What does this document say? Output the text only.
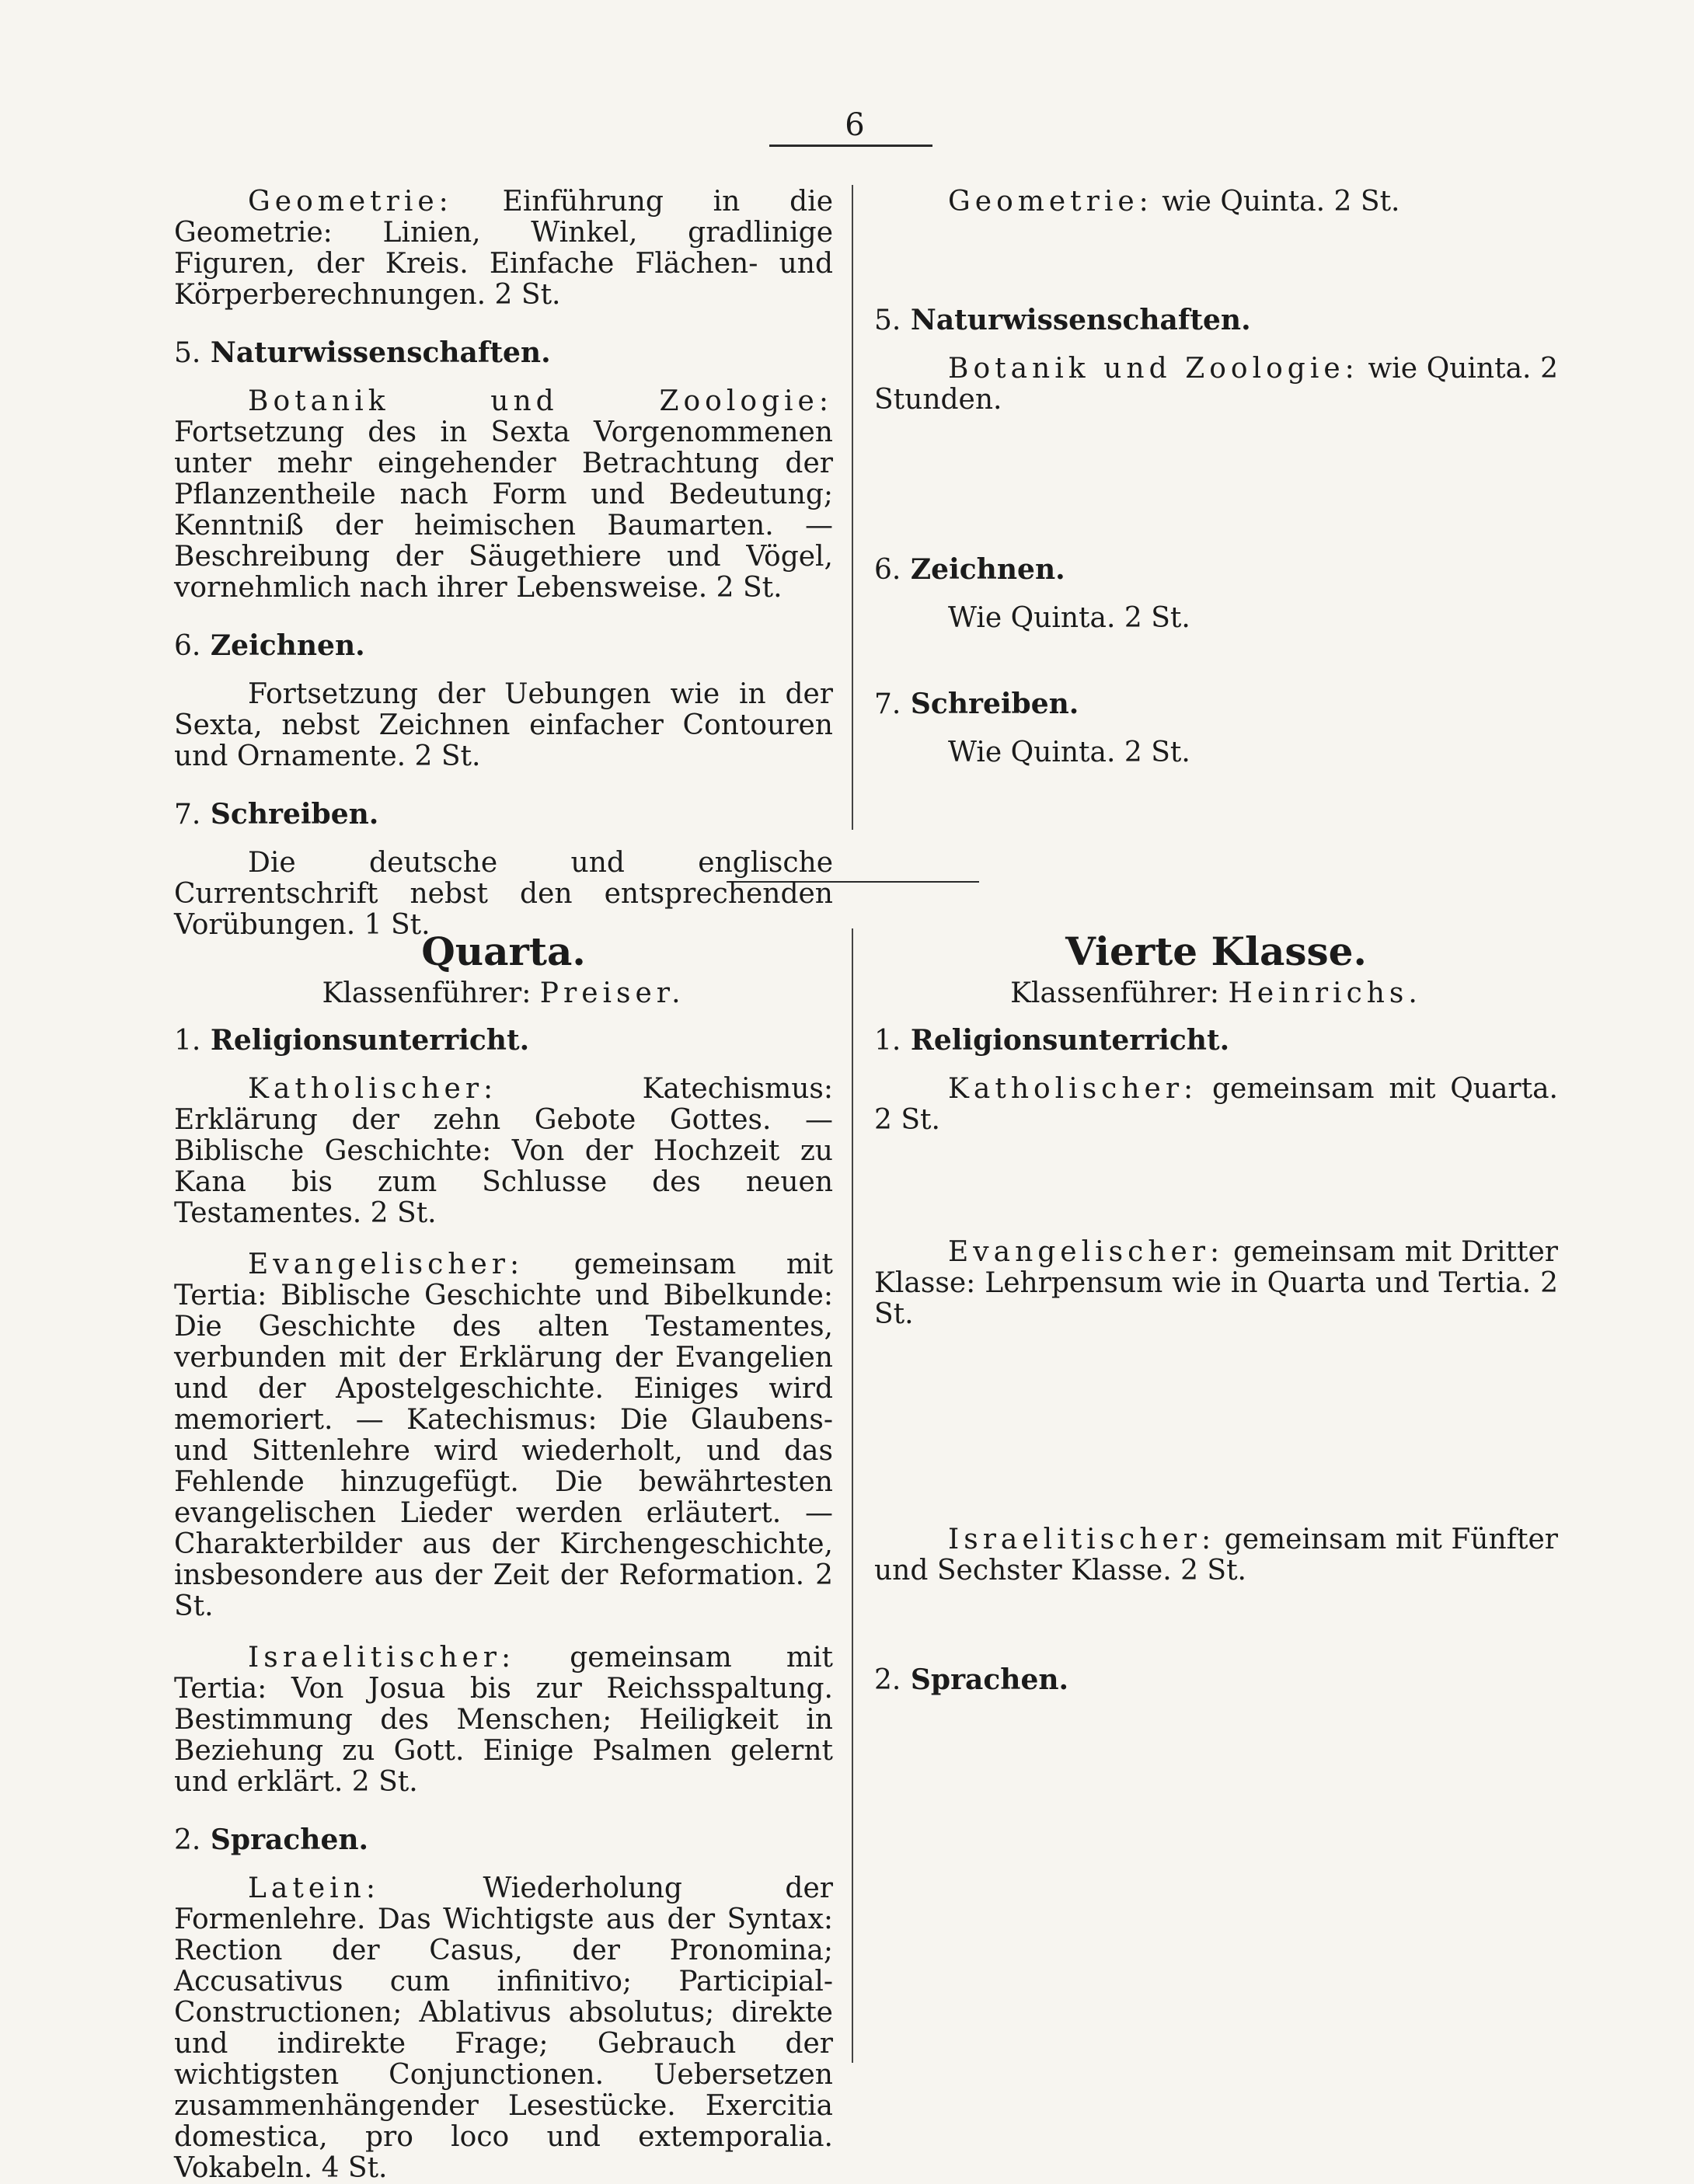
6

Geometrie: Einführung in die Geometrie: Linien, Winkel, gradlinige Figuren, der Kreis. Einfache Flächen- und Körperberechnungen. 2 St.

5. Naturwissenschaften.

Botanik und Zoologie: Fortsetzung des in Sexta Vorgenommenen unter mehr eingehender Betrachtung der Pflanzentheile nach Form und Bedeutung; Kenntniß der heimischen Baumarten. — Beschreibung der Säugethiere und Vögel, vornehmlich nach ihrer Lebensweise. 2 St.

6. Zeichnen.

Fortsetzung der Uebungen wie in der Sexta, nebst Zeichnen einfacher Contouren und Ornamente. 2 St.

7. Schreiben.

Die deutsche und englische Currentschrift nebst den entsprechenden Vorübungen. 1 St.

Geometrie: wie Quinta. 2 St.

5. Naturwissenschaften.

Botanik und Zoologie: wie Quinta. 2 Stunden.

6. Zeichnen.

Wie Quinta. 2 St.

7. Schreiben.

Wie Quinta. 2 St.

Quarta.

Klassenführer: Preiser.

1. Religionsunterricht.

Katholischer:	Katechismus: Erklärung der zehn Gebote Gottes. — Biblische Geschichte: Von der Hochzeit zu Kana bis zum Schlusse des neuen Testamentes. 2 St.

Evangelischer: gemeinsam mit Tertia: Biblische Geschichte und Bibelkunde: Die Geschichte des alten Testamentes, verbunden mit der Erklärung der Evangelien und der Apostelgeschichte. Einiges wird memoriert. — Katechismus: Die Glaubens- und Sittenlehre wird wiederholt, und das Fehlende hinzugefügt. Die bewährtesten evangelischen Lieder werden erläutert. — Charakterbilder aus der Kirchengeschichte, insbesondere aus der Zeit der Reformation. 2 St.

Israelitischer: gemeinsam mit Tertia: Von Josua bis zur Reichsspaltung. Bestimmung des Menschen; Heiligkeit in Beziehung zu Gott. Einige Psalmen gelernt und erklärt. 2 St.

2. Sprachen.

Latein:	Wiederholung der Formenlehre. Das Wichtigste aus der Syntax: Rection der Casus, der Pronomina; Accusativus cum infinitivo; Participial-Constructionen; Ablativus absolutus; direkte und indirekte Frage; Gebrauch der wichtigsten Conjunctionen. Uebersetzen zusammenhängender Lesestücke. Exercitia domestica, pro loco und extemporalia. Vokabeln. 4 St.

Vierte Klasse.

Klassenführer: Heinrichs.

1. Religionsunterricht.

Katholischer: gemeinsam mit Quarta. 2 St.

Evangelischer: gemeinsam mit Dritter Klasse: Lehrpensum wie in Quarta und Tertia. 2 St.

Israelitischer: gemeinsam mit Fünfter und Sechster Klasse. 2 St.

2. Sprachen.
